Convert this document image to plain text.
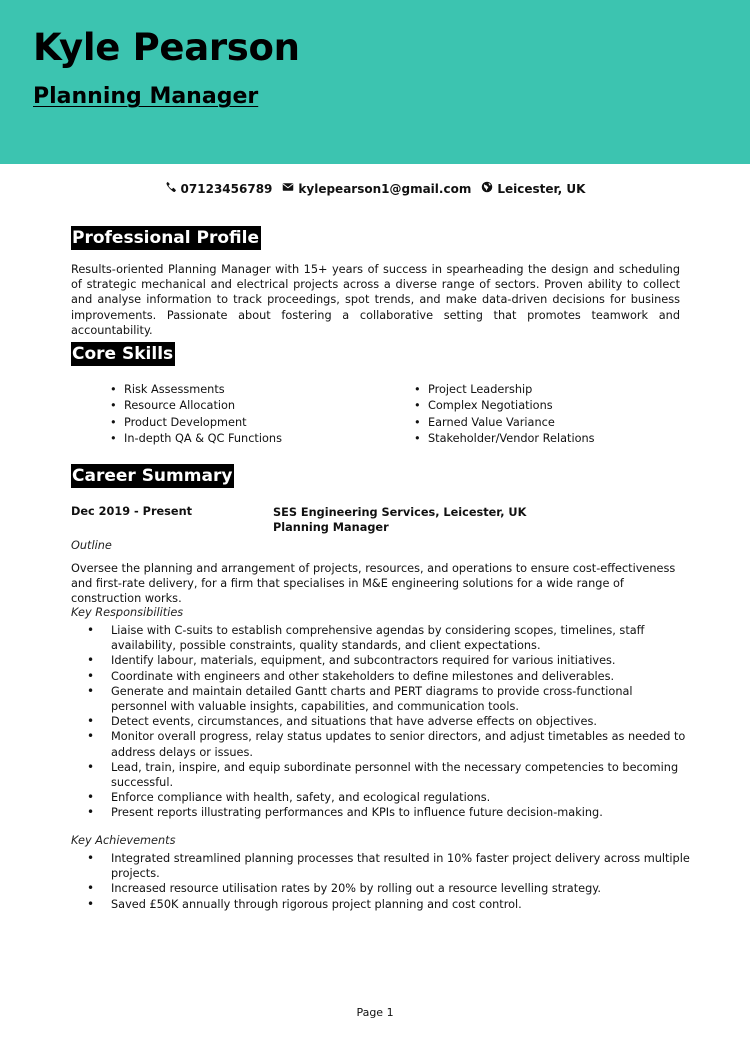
Kyle Pearson
Planning Manager
07123456789 kylepearson1@gmail.com Leicester, UK
Professional Profile

Results-oriented Planning Manager with 15+ years of success in spearheading the design and scheduling of strategic mechanical and electrical projects across a diverse range of sectors. Proven ability to collect and analyse information to track proceedings, spot trends, and make data-driven decisions for business improvements. Passionate about fostering a collaborative setting that promotes teamwork and accountability.

Core Skills
• Risk Assessments
• Resource Allocation
• Product Development
• In-depth QA & QC Functions
• Project Leadership
• Complex Negotiations
• Earned Value Variance
• Stakeholder/Vendor Relations
Career Summary
Dec 2019 - Present	SES Engineering Services, Leicester, UK
Planning Manager
Outline

Oversee the planning and arrangement of projects, resources, and operations to ensure cost-effectiveness and first-rate delivery, for a firm that specialises in M&E engineering solutions for a wide range of construction works.

Key Responsibilities
• Liaise with C-suits to establish comprehensive agendas by considering scopes, timelines, staff availability, possible constraints, quality standards, and client expectations.
• Identify labour, materials, equipment, and subcontractors required for various initiatives.
• Coordinate with engineers and other stakeholders to define milestones and deliverables.
• Generate and maintain detailed Gantt charts and PERT diagrams to provide cross-functional personnel with valuable insights, capabilities, and communication tools.
• Detect events, circumstances, and situations that have adverse effects on objectives.
• Monitor overall progress, relay status updates to senior directors, and adjust timetables as needed to address delays or issues.
• Lead, train, inspire, and equip subordinate personnel with the necessary competencies to becoming successful.
• Enforce compliance with health, safety, and ecological regulations.
• Present reports illustrating performances and KPIs to influence future decision-making.
Key Achievements
• Integrated streamlined planning processes that resulted in 10% faster project delivery across multiple projects.
• Increased resource utilisation rates by 20% by rolling out a resource levelling strategy.
• Saved £50K annually through rigorous project planning and cost control.
Page 1
